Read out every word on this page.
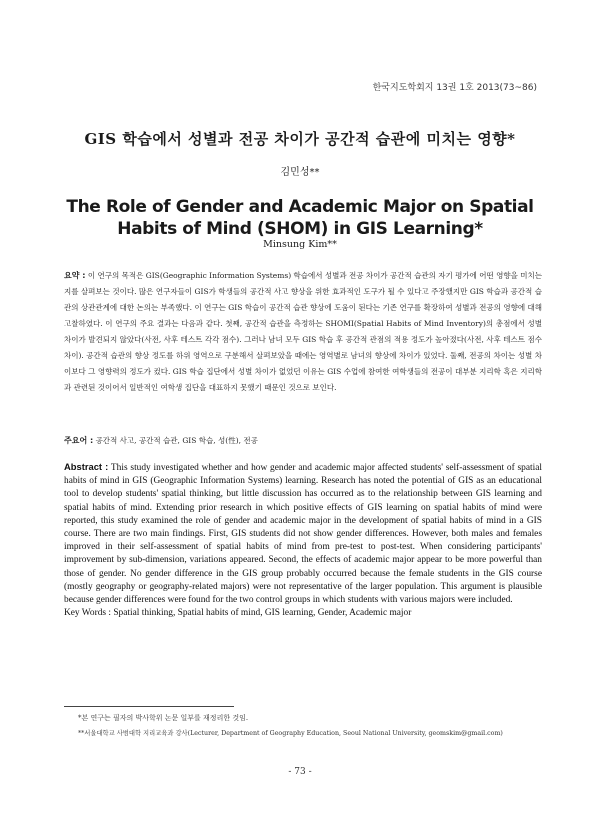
한국지도학회지 13권 1호 2013(73~86)
GIS 학습에서 성별과 전공 차이가 공간적 습관에 미치는 영향*
김민성**
The Role of Gender and Academic Major on Spatial Habits of Mind (SHOM) in GIS Learning*
Minsung Kim**
요약 : 이 연구의 목적은 GIS(Geographic Information Systems) 학습에서 성별과 전공 차이가 공간적 습관의 자기 평가에 어떤 영향을 미치는지를 살펴보는 것이다. 많은 연구자들이 GIS가 학생들의 공간적 사고 향상을 위한 효과적인 도구가 될 수 있다고 주장했지만 GIS 학습과 공간적 습관의 상관관계에 대한 논의는 부족했다. 이 연구는 GIS 학습이 공간적 습관 향상에 도움이 된다는 기존 연구를 확장하여 성별과 전공의 영향에 대해 고찰하였다. 이 연구의 주요 결과는 다음과 같다. 첫째, 공간적 습관을 측정하는 SHOMI(Spatial Habits of Mind Inventory)의 총점에서 성별 차이가 발견되지 않았다(사전, 사후 테스트 각각 점수). 그러나 남녀 모두 GIS 학습 후 공간적 관점의 적용 정도가 높아졌다(사전, 사후 테스트 점수 차이). 공간적 습관의 향상 정도를 하위 영역으로 구분해서 살펴보았을 때에는 영역별로 남녀의 향상에 차이가 있었다. 둘째, 전공의 차이는 성별 차이보다 그 영향력의 정도가 컸다. GIS 학습 집단에서 성별 차이가 없었던 이유는 GIS 수업에 참여한 여학생들의 전공이 대부분 지리학 혹은 지리학과 관련된 것이어서 일반적인 여학생 집단을 대표하지 못했기 때문인 것으로 보인다.
주요어 : 공간적 사고, 공간적 습관, GIS 학습, 성(性), 전공
Abstract : This study investigated whether and how gender and academic major affected students' self-assessment of spatial habits of mind in GIS (Geographic Information Systems) learning. Research has noted the potential of GIS as an educational tool to develop students' spatial thinking, but little discussion has occurred as to the relationship between GIS learning and spatial habits of mind. Extending prior research in which positive effects of GIS learning on spatial habits of mind were reported, this study examined the role of gender and academic major in the development of spatial habits of mind in a GIS course. There are two main findings. First, GIS students did not show gender differences. However, both males and females improved in their self-assessment of spatial habits of mind from pre-test to post-test. When considering participants' improvement by sub-dimension, variations appeared. Second, the effects of academic major appear to be more powerful than those of gender. No gender difference in the GIS group probably occurred because the female students in the GIS course (mostly geography or geography-related majors) were not representative of the larger population. This argument is plausible because gender differences were found for the two control groups in which students with various majors were included.
Key Words : Spatial thinking, Spatial habits of mind, GIS learning, Gender, Academic major
*본 연구는 필자의 박사학위 논문 일부를 재정리한 것임.
**서울대학교 사범대학 지리교육과 강사(Lecturer, Department of Geography Education, Seoul National University, geomskim@gmail.com)
- 73 -
